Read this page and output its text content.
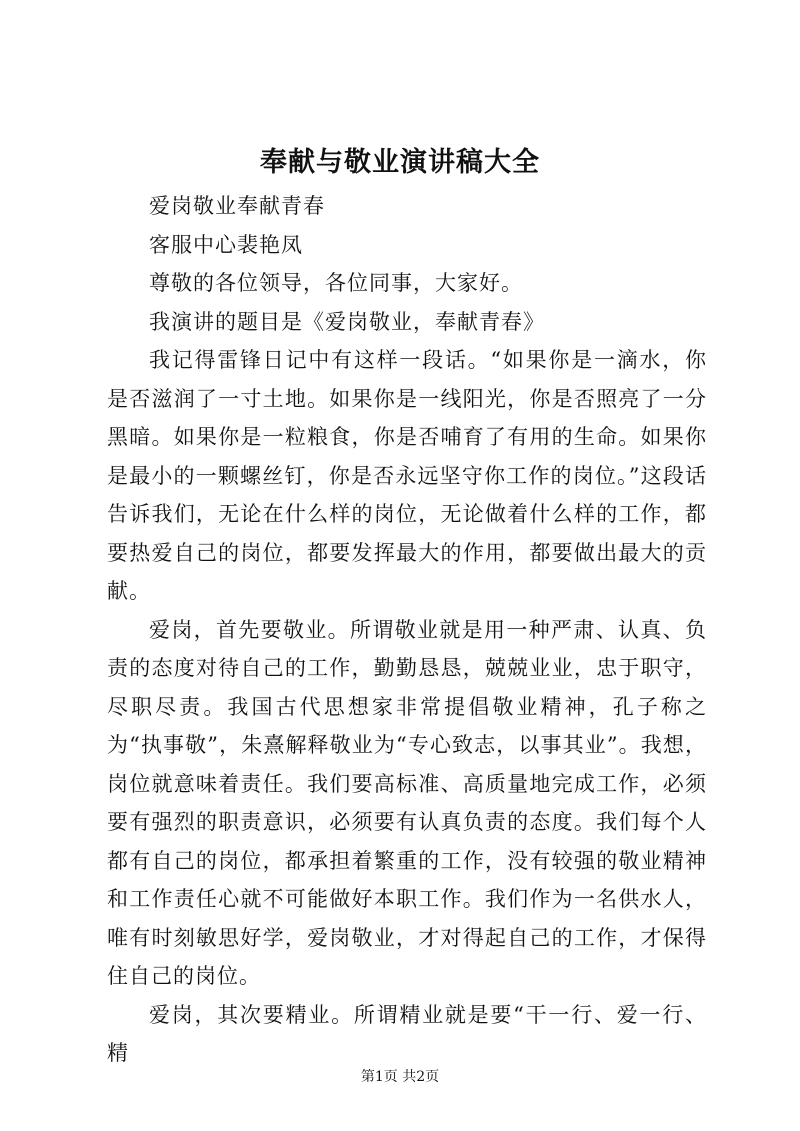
奉献与敬业演讲稿大全

爱岗敬业奉献青春

客服中心裴艳凤

尊敬的各位领导，各位同事，大家好。

我演讲的题目是《爱岗敬业，奉献青春》

我记得雷锋日记中有这样一段话。“如果你是一滴水，你是否滋润了一寸土地。如果你是一线阳光，你是否照亮了一分黑暗。如果你是一粒粮食，你是否哺育了有用的生命。如果你是最小的一颗螺丝钉，你是否永远坚守你工作的岗位。”这段话告诉我们，无论在什么样的岗位，无论做着什么样的工作，都要热爱自己的岗位，都要发挥最大的作用，都要做出最大的贡献。

爱岗，首先要敬业。所谓敬业就是用一种严肃、认真、负责的态度对待自己的工作，勤勤恳恳，兢兢业业，忠于职守，尽职尽责。我国古代思想家非常提倡敬业精神，孔子称之为“执事敬”，朱熹解释敬业为“专心致志，以事其业”。我想，岗位就意味着责任。我们要高标准、高质量地完成工作，必须要有强烈的职责意识，必须要有认真负责的态度。我们每个人都有自己的岗位，都承担着繁重的工作，没有较强的敬业精神和工作责任心就不可能做好本职工作。我们作为一名供水人，唯有时刻敏思好学，爱岗敬业，才对得起自己的工作，才保得住自己的岗位。

爱岗，其次要精业。所谓精业就是要“干一行、爱一行、精

第1页 共2页
